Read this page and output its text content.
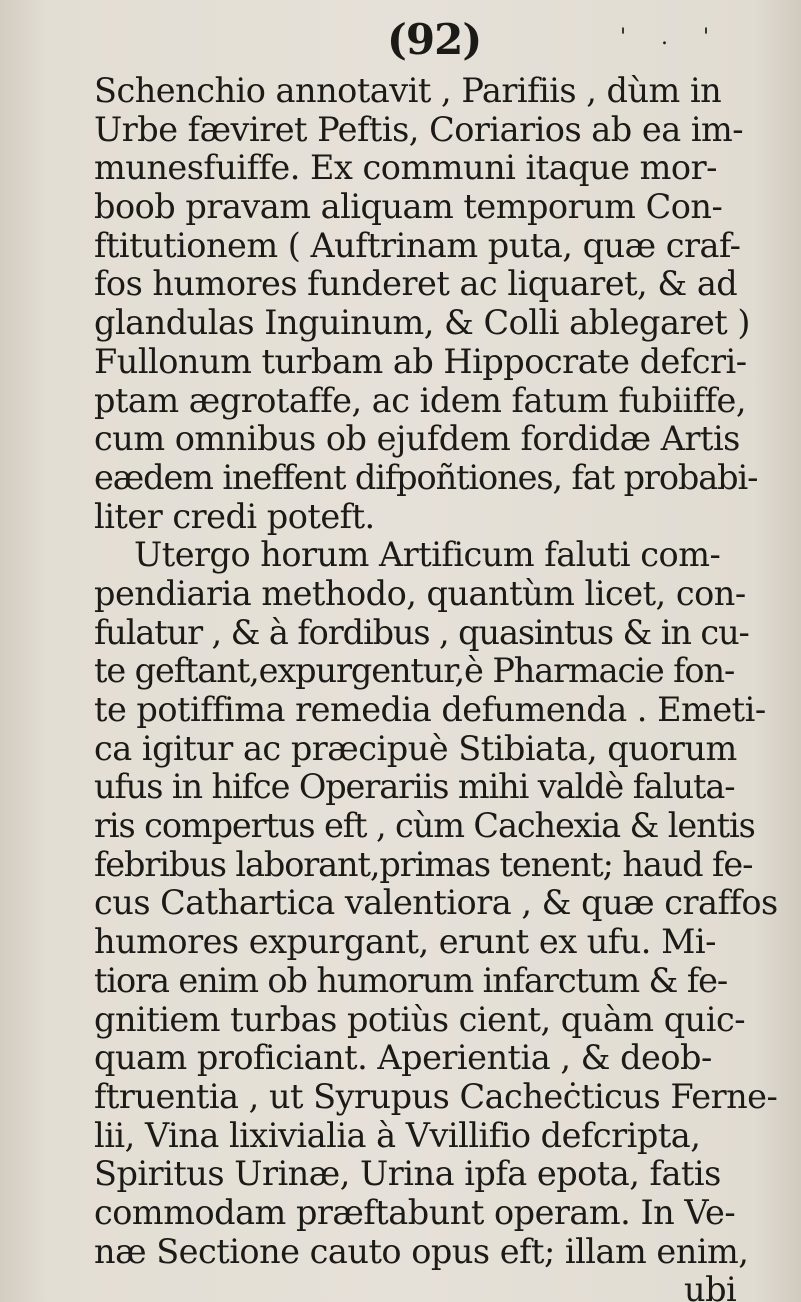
(92)	' . '
Schenchio annotavit , Parifiis , dùm in
Urbe fæviret Peftis, Coriarios ab ea im-
munesfuiffe. Ex communi itaque mor-
boob pravam aliquam temporum Con-
ftitutionem ( Auftrinam puta, quæ craf-
fos humores funderet ac liquaret, & ad
glandulas Inguinum, & Colli ablegaret )
Fullonum turbam ab Hippocrate defcri-
ptam ægrotaffe, ac idem fatum fubiiffe,
cum omnibus ob ejufdem fordidæ Artis
eædem ineffent difpoñtiones, fat probabi-
liter credi poteft.
Utergo horum Artificum faluti com-
pendiaria methodo, quantùm licet, con-
fulatur , & à fordibus , quasintus & in cu-
te geftant,expurgentur,è Pharmacie fon-
te potiffima remedia defumenda . Emeti-
ca igitur ac præcipuè Stibiata, quorum
ufus in hifce Operariis mihi valdè faluta-
ris compertus eft , cùm Cachexia & lentis
febribus laborant,primas tenent; haud fe-
cus Cathartica valentiora , & quæ craffos
humores expurgant, erunt ex ufu. Mi-
tiora enim ob humorum infarctum & fe-
gnitiem turbas potiùs cient, quàm quic-
quam proficiant. Aperientia , & deob-
ftruentia , ut Syrupus Cacheċticus Ferne-
lii, Vina lixivialia à Vvillifio defcripta,
Spiritus Urinæ, Urina ipfa epota, fatis
commodam præftabunt operam. In Ve-
næ Sectione cauto opus eft; illam enim,
ubi
